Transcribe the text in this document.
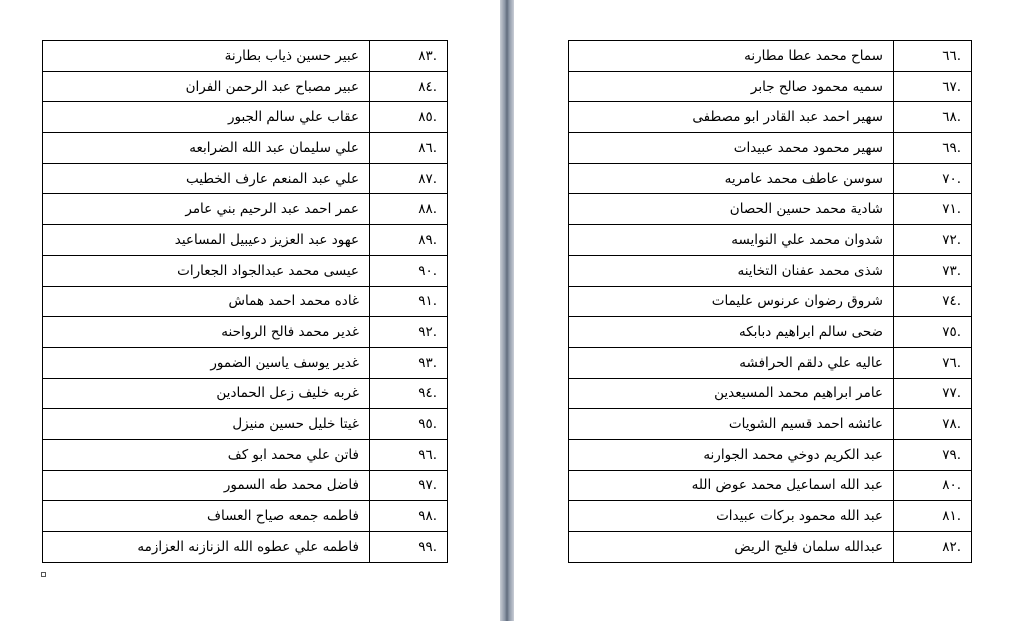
.٨٣	عبير حسين ذياب بطارنة
.٨٤	عبير مصباح عبد الرحمن الفران
.٨٥	عقاب علي سالم الجبور
.٨٦	علي سليمان عبد الله الضرابعه
.٨٧	علي عبد المنعم عارف الخطيب
.٨٨	عمر احمد عبد الرحيم بني عامر
.٨٩	عهود عبد العزيز دعيبيل المساعيد
.٩٠	عيسى محمد عبدالجواد الجعارات
.٩١	غاده محمد احمد هماش
.٩٢	غدير محمد فالح الرواحنه
.٩٣	غدير يوسف ياسين الضمور
.٩٤	غربه خليف زعل الحمادين
.٩٥	غيتا خليل حسين منيزل
.٩٦	فاتن علي محمد ابو كف
.٩٧	فاضل محمد طه السمور
.٩٨	فاطمه جمعه صياح العساف
.٩٩	فاطمه علي عطوه الله الزنازنه العزازمه
.٦٦	سماح محمد عطا مطارنه
.٦٧	سميه محمود صالح جابر
.٦٨	سهير احمد عبد القادر ابو مصطفى
.٦٩	سهير محمود محمد عبيدات
.٧٠	سوسن عاطف محمد عامريه
.٧١	شادية محمد حسين الحصان
.٧٢	شدوان محمد علي النوايسه
.٧٣	شذى محمد عفنان التخاينه
.٧٤	شروق رضوان عرنوس عليمات
.٧٥	ضحى سالم ابراهيم دبابكه
.٧٦	عاليه علي دلقم الحرافشه
.٧٧	عامر ابراهيم محمد المسيعدين
.٧٨	عائشه احمد قسيم الشويات
.٧٩	عبد الكريم دوخي محمد الجوارنه
.٨٠	عبد الله اسماعيل محمد عوض الله
.٨١	عبد الله محمود بركات عبيدات
.٨٢	عبدالله سلمان فليح الريض
